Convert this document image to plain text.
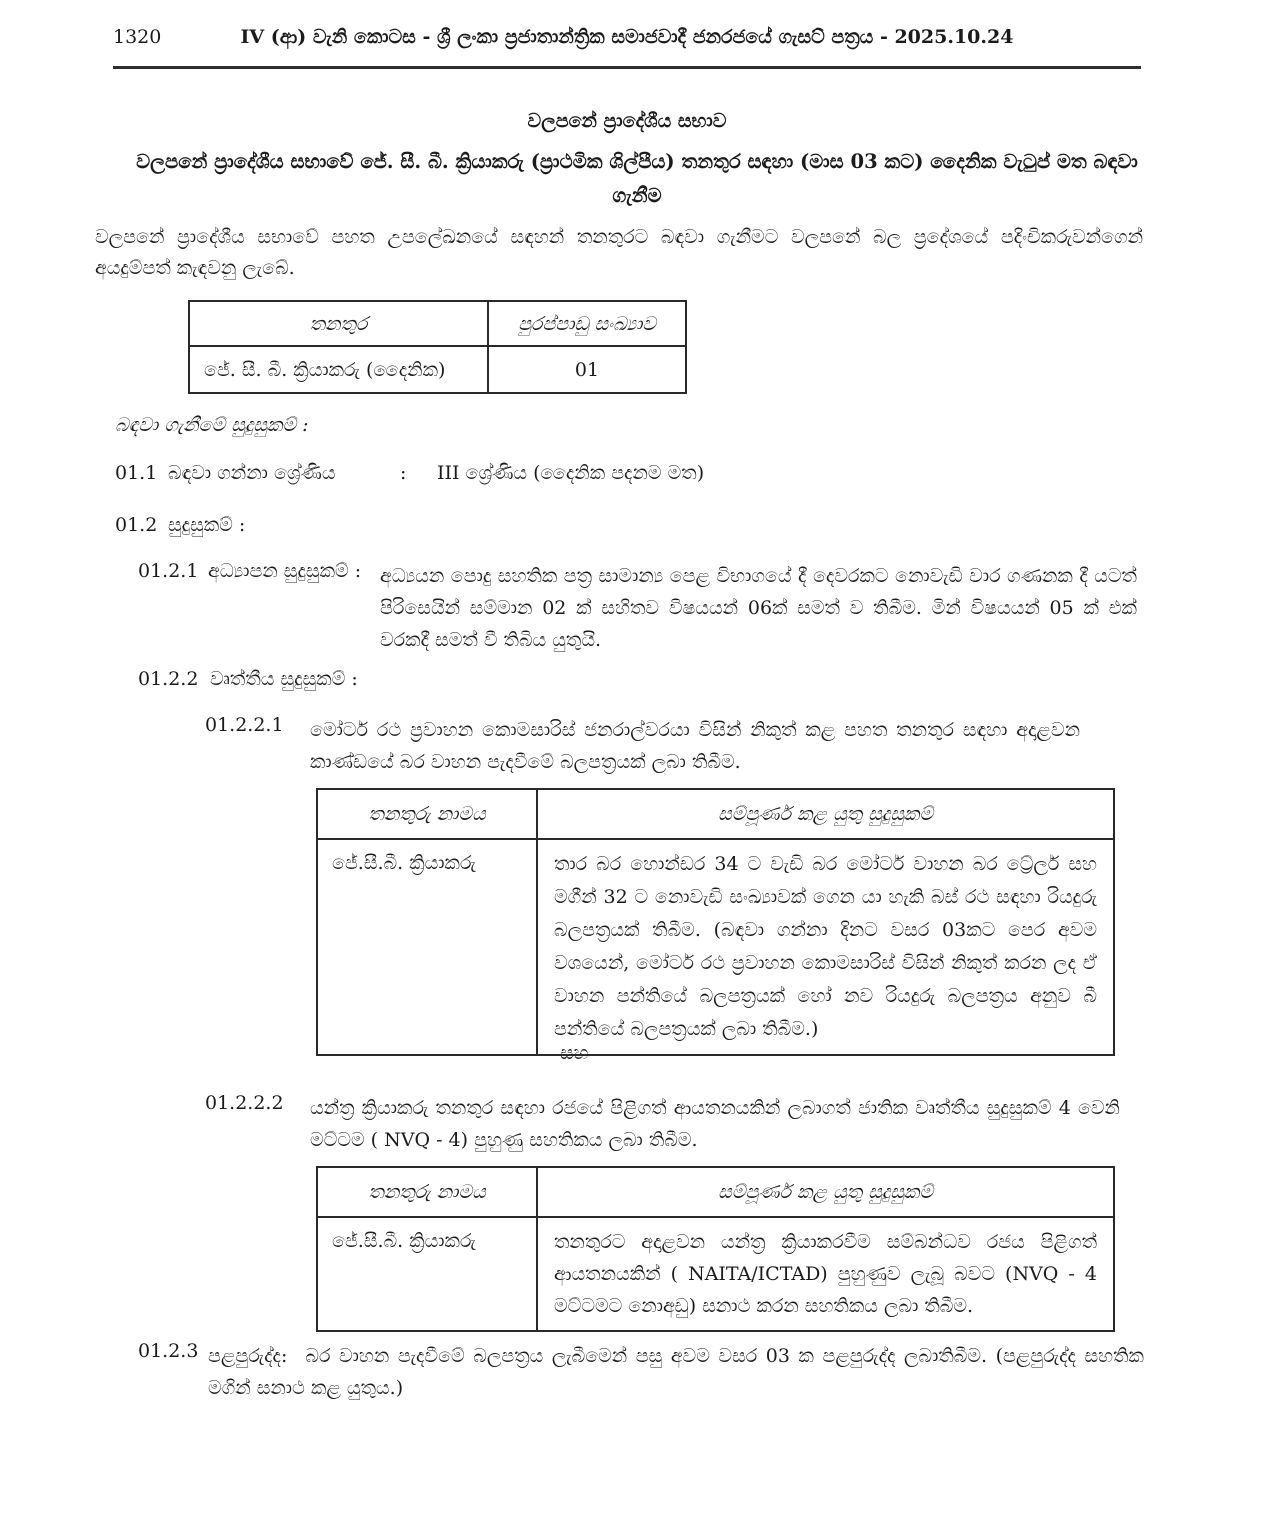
1320	IV (ආ) වැනි කොටස - ශ්‍රී ලංකා ප්‍රජාතාන්ත්‍රික සමාජවාදී ජනරජයේ ගැසට් පත්‍රය - 2025.10.24
වලපනේ ප්‍රාදේශීය සභාව
වලපනේ ප්‍රාදේශීය සභාවේ ජේ. සී. බී. ක්‍රියාකරු (ප්‍රාථමික ශිල්පීය) තනතුර සඳහා (මාස 03 කට) දෛනික වැටුප් මත බඳවා ගැනීම

වලපනේ ප්‍රාදේශීය සභාවේ පහත උපලේඛනයේ සඳහන් තනතුරට බඳවා ගැනීමට වලපනේ බල ප්‍රදේශයේ පදිංචිකරුවන්ගෙන් අයදුම්පත් කැඳවනු ලැබේ.

තනතුර	පුරප්පාඩු සංඛ්‍යාව
ජේ. සී. බී. ක්‍රියාකරු (දෛනික)	01
බඳවා ගැනීමේ සුදුසුකම් :
01.1 බඳවා ගන්නා ශ්‍රේණිය	: III ශ්‍රේණිය (දෛනික පදනම මත)
01.2 සුදුසුකම් :
01.2.1 අධ්‍යාපන සුදුසුකම් : අධ්‍යයන පොදු සහතික පත්‍ර සාමාන්‍ය පෙළ විභාගයේ දී දෙවරකට නොවැඩි වාර ගණනක දී යටත් පිරිසෙයින් සම්මාන 02 ක් සහිතව විෂයයන් 06ක් සමත් ව තිබීම. මින් විෂයයන් 05 ක් එක් වරකදී සමත් වී තිබිය යුතුයි.
01.2.2 වෘත්තීය සුදුසුකම් :
01.2.2.1 මෝටර් රථ ප්‍රවාහන කොමසාරිස් ජනරාල්වරයා විසින් නිකුත් කළ පහත තනතුර සඳහා අදාළවන කාණ්ඩයේ බර වාහන පැදවීමේ බලපත්‍රයක් ලබා තිබීම.
තනතුරු නාමය	සම්පූර්ණ කළ යුතු සුදුසුකම්
ජේ.සී.බී. ක්‍රියාකරු	තාර බර හොන්ඩර 34 ට වැඩි බර මෝටර් වාහන බර ට්‍රේලර් සහ මගීන් 32 ට නොවැඩි සංඛ්‍යාවක් ගෙන යා හැකි බස් රථ සඳහා රියදුරු බලපත්‍රයක් තිබීම. (බඳවා ගන්නා දිනට වසර 03කට පෙර අවම වශයෙන්, මෝටර් රථ ප්‍රවාහන කොමසාරිස් විසින් නිකුත් කරන ලද ඒ වාහන පන්තියේ බලපත්‍රයක් හෝ නව රියදුරු බලපත්‍රය අනුව බී පන්තියේ බලපත්‍රයක් ලබා තිබීම.)
සහ
01.2.2.2 යන්ත්‍ර ක්‍රියාකරු තනතුර සඳහා රජයේ පිළිගත් ආයතනයකින් ලබාගත් ජාතික වෘත්තීය සුදුසුකම් 4 වෙනි මට්ටම ( NVQ - 4) පුහුණු සහතිකය ලබා තිබීම.
තනතුරු නාමය	සම්පූර්ණ කළ යුතු සුදුසුකම්
ජේ.සී.බී. ක්‍රියාකරු	තනතුරට අදාළවන යන්ත්‍ර ක්‍රියාකරවීම සම්බන්ධව රජය පිළිගත් ආයතනයකින් ( NAITA/ICTAD) පුහුණුව ලැබූ බවට (NVQ - 4 මට්ටමට නොඅඩු) සනාථ කරන සහතිකය ලබා තිබීම.
01.2.3 පළපුරුද්ද: බර වාහන පැදවීමේ බලපත්‍රය ලැබීමෙන් පසු අවම වසර 03 ක පළපුරුද්ද ලබාතිබීම. (පළපුරුද්ද සහතික මගින් සනාථ කළ යුතුය.)
